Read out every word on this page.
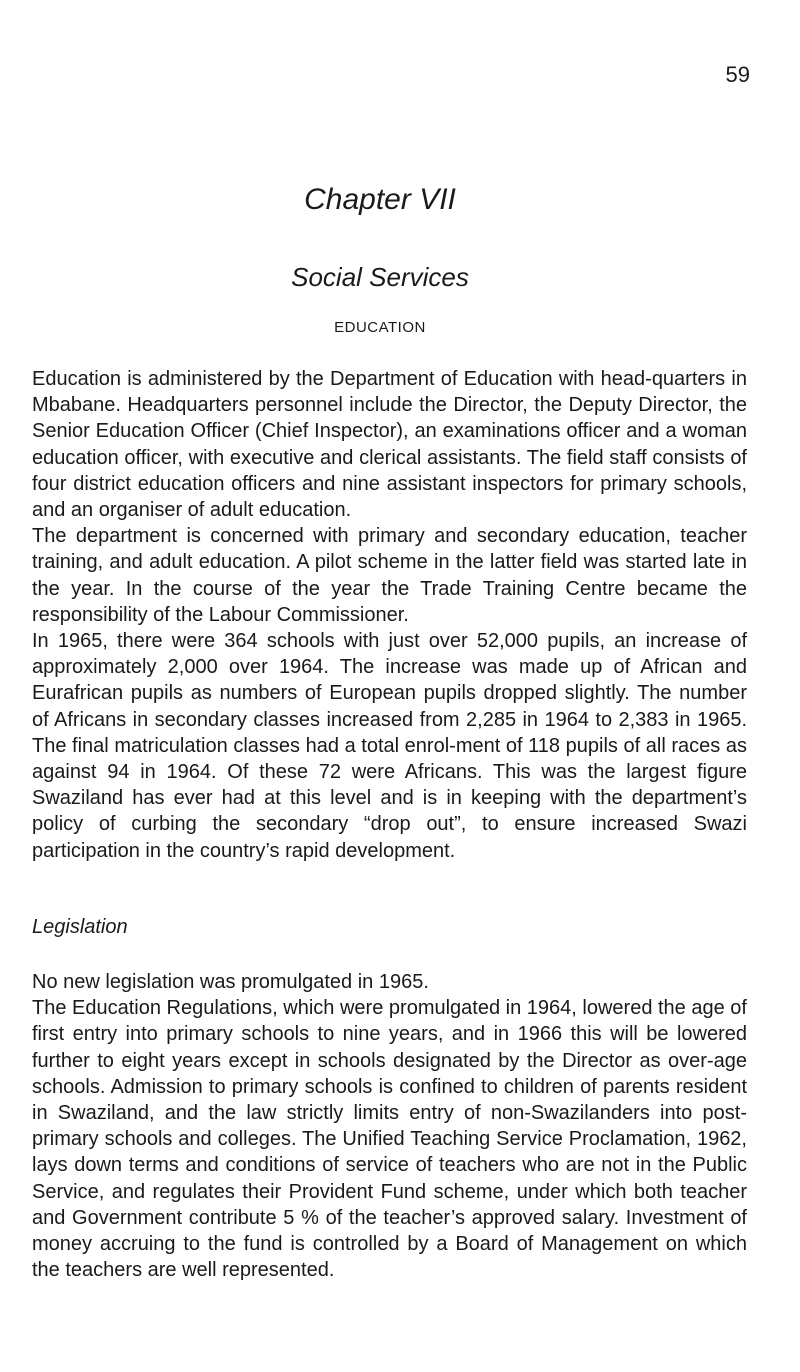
59
Chapter VII
Social Services
EDUCATION

Education is administered by the Department of Education with head-quarters in Mbabane. Headquarters personnel include the Director, the Deputy Director, the Senior Education Officer (Chief Inspector), an examinations officer and a woman education officer, with executive and clerical assistants. The field staff consists of four district education officers and nine assistant inspectors for primary schools, and an organiser of adult education.

The department is concerned with primary and secondary education, teacher training, and adult education. A pilot scheme in the latter field was started late in the year. In the course of the year the Trade Training Centre became the responsibility of the Labour Commissioner.

In 1965, there were 364 schools with just over 52,000 pupils, an increase of approximately 2,000 over 1964. The increase was made up of African and Eurafrican pupils as numbers of European pupils dropped slightly. The number of Africans in secondary classes increased from 2,285 in 1964 to 2,383 in 1965. The final matriculation classes had a total enrol-ment of 118 pupils of all races as against 94 in 1964. Of these 72 were Africans. This was the largest figure Swaziland has ever had at this level and is in keeping with the department’s policy of curbing the secondary “drop out”, to ensure increased Swazi participation in the country’s rapid development.

Legislation

No new legislation was promulgated in 1965.

The Education Regulations, which were promulgated in 1964, lowered the age of first entry into primary schools to nine years, and in 1966 this will be lowered further to eight years except in schools designated by the Director as over-age schools. Admission to primary schools is confined to children of parents resident in Swaziland, and the law strictly limits entry of non-Swazilanders into post-primary schools and colleges. The Unified Teaching Service Proclamation, 1962, lays down terms and conditions of service of teachers who are not in the Public Service, and regulates their Provident Fund scheme, under which both teacher and Government contribute 5 % of the teacher’s approved salary. Investment of money accruing to the fund is controlled by a Board of Management on which the teachers are well represented.
